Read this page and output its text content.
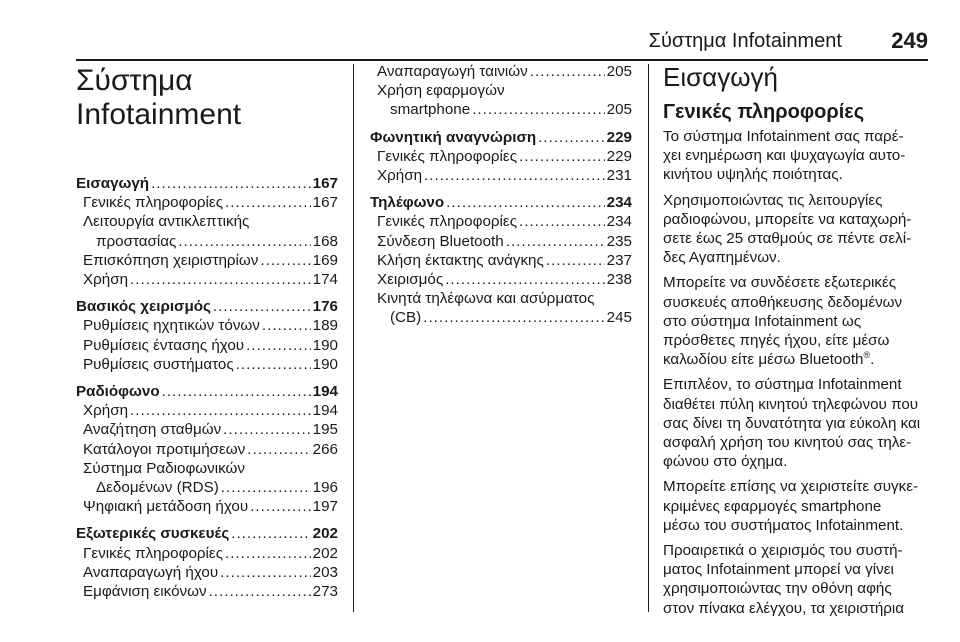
Σύστημα Infotainment 249
Σύστημα
Infotainment
Εισαγωγή .....	167
Γενικές πληροφορίες .....	167
Λειτουργία αντικλεπτικής
προστασίας .....	168
Επισκόπηση χειριστηρίων .....	169
Χρήση .....	174
Βασικός χειρισμός .....	176
Ρυθμίσεις ηχητικών τόνων .....	189
Ρυθμίσεις έντασης ήχου .....	190
Ρυθμίσεις συστήματος .....	190
Ραδιόφωνο .....	194
Χρήση .....	194
Αναζήτηση σταθμών .....	195
Κατάλογοι προτιμήσεων .....	266
Σύστημα Ραδιοφωνικών
Δεδομένων (RDS) .....	196
Ψηφιακή μετάδοση ήχου .....	197
Εξωτερικές συσκευές .....	202
Γενικές πληροφορίες .....	202
Αναπαραγωγή ήχου .....	203
Εμφάνιση εικόνων .....	273
Αναπαραγωγή ταινιών .....	205
Χρήση εφαρμογών
smartphone .....	205
Φωνητική αναγνώριση .....	229
Γενικές πληροφορίες .....	229
Χρήση .....	231
Τηλέφωνο .....	234
Γενικές πληροφορίες .....	234
Σύνδεση Bluetooth .....	235
Κλήση έκτακτης ανάγκης .....	237
Χειρισμός .....	238
Κινητά τηλέφωνα και ασύρματος
(CB) .....	245
Εισαγωγή
Γενικές πληροφορίες
Το σύστημα Infotainment σας παρέ-
χει ενημέρωση και ψυχαγωγία αυτο-
κινήτου υψηλής ποιότητας.
Χρησιμοποιώντας τις λειτουργίες
ραδιοφώνου, μπορείτε να καταχωρή-
σετε έως 25 σταθμούς σε πέντε σελί-
δες Αγαπημένων.
Μπορείτε να συνδέσετε εξωτερικές
συσκευές αποθήκευσης δεδομένων
στο σύστημα Infotainment ως
πρόσθετες πηγές ήχου, είτε μέσω
καλωδίου είτε μέσω Bluetooth®.
Επιπλέον, το σύστημα Infotainment
διαθέτει πύλη κινητού τηλεφώνου που
σας δίνει τη δυνατότητα για εύκολη και
ασφαλή χρήση του κινητού σας τηλε-
φώνου στο όχημα.
Μπορείτε επίσης να χειριστείτε συγκε-
κριμένες εφαρμογές smartphone
μέσω του συστήματος Infotainment.
Προαιρετικά ο χειρισμός του συστή-
ματος Infotainment μπορεί να γίνει
χρησιμοποιώντας την οθόνη αφής
στον πίνακα ελέγχου, τα χειριστήρια
